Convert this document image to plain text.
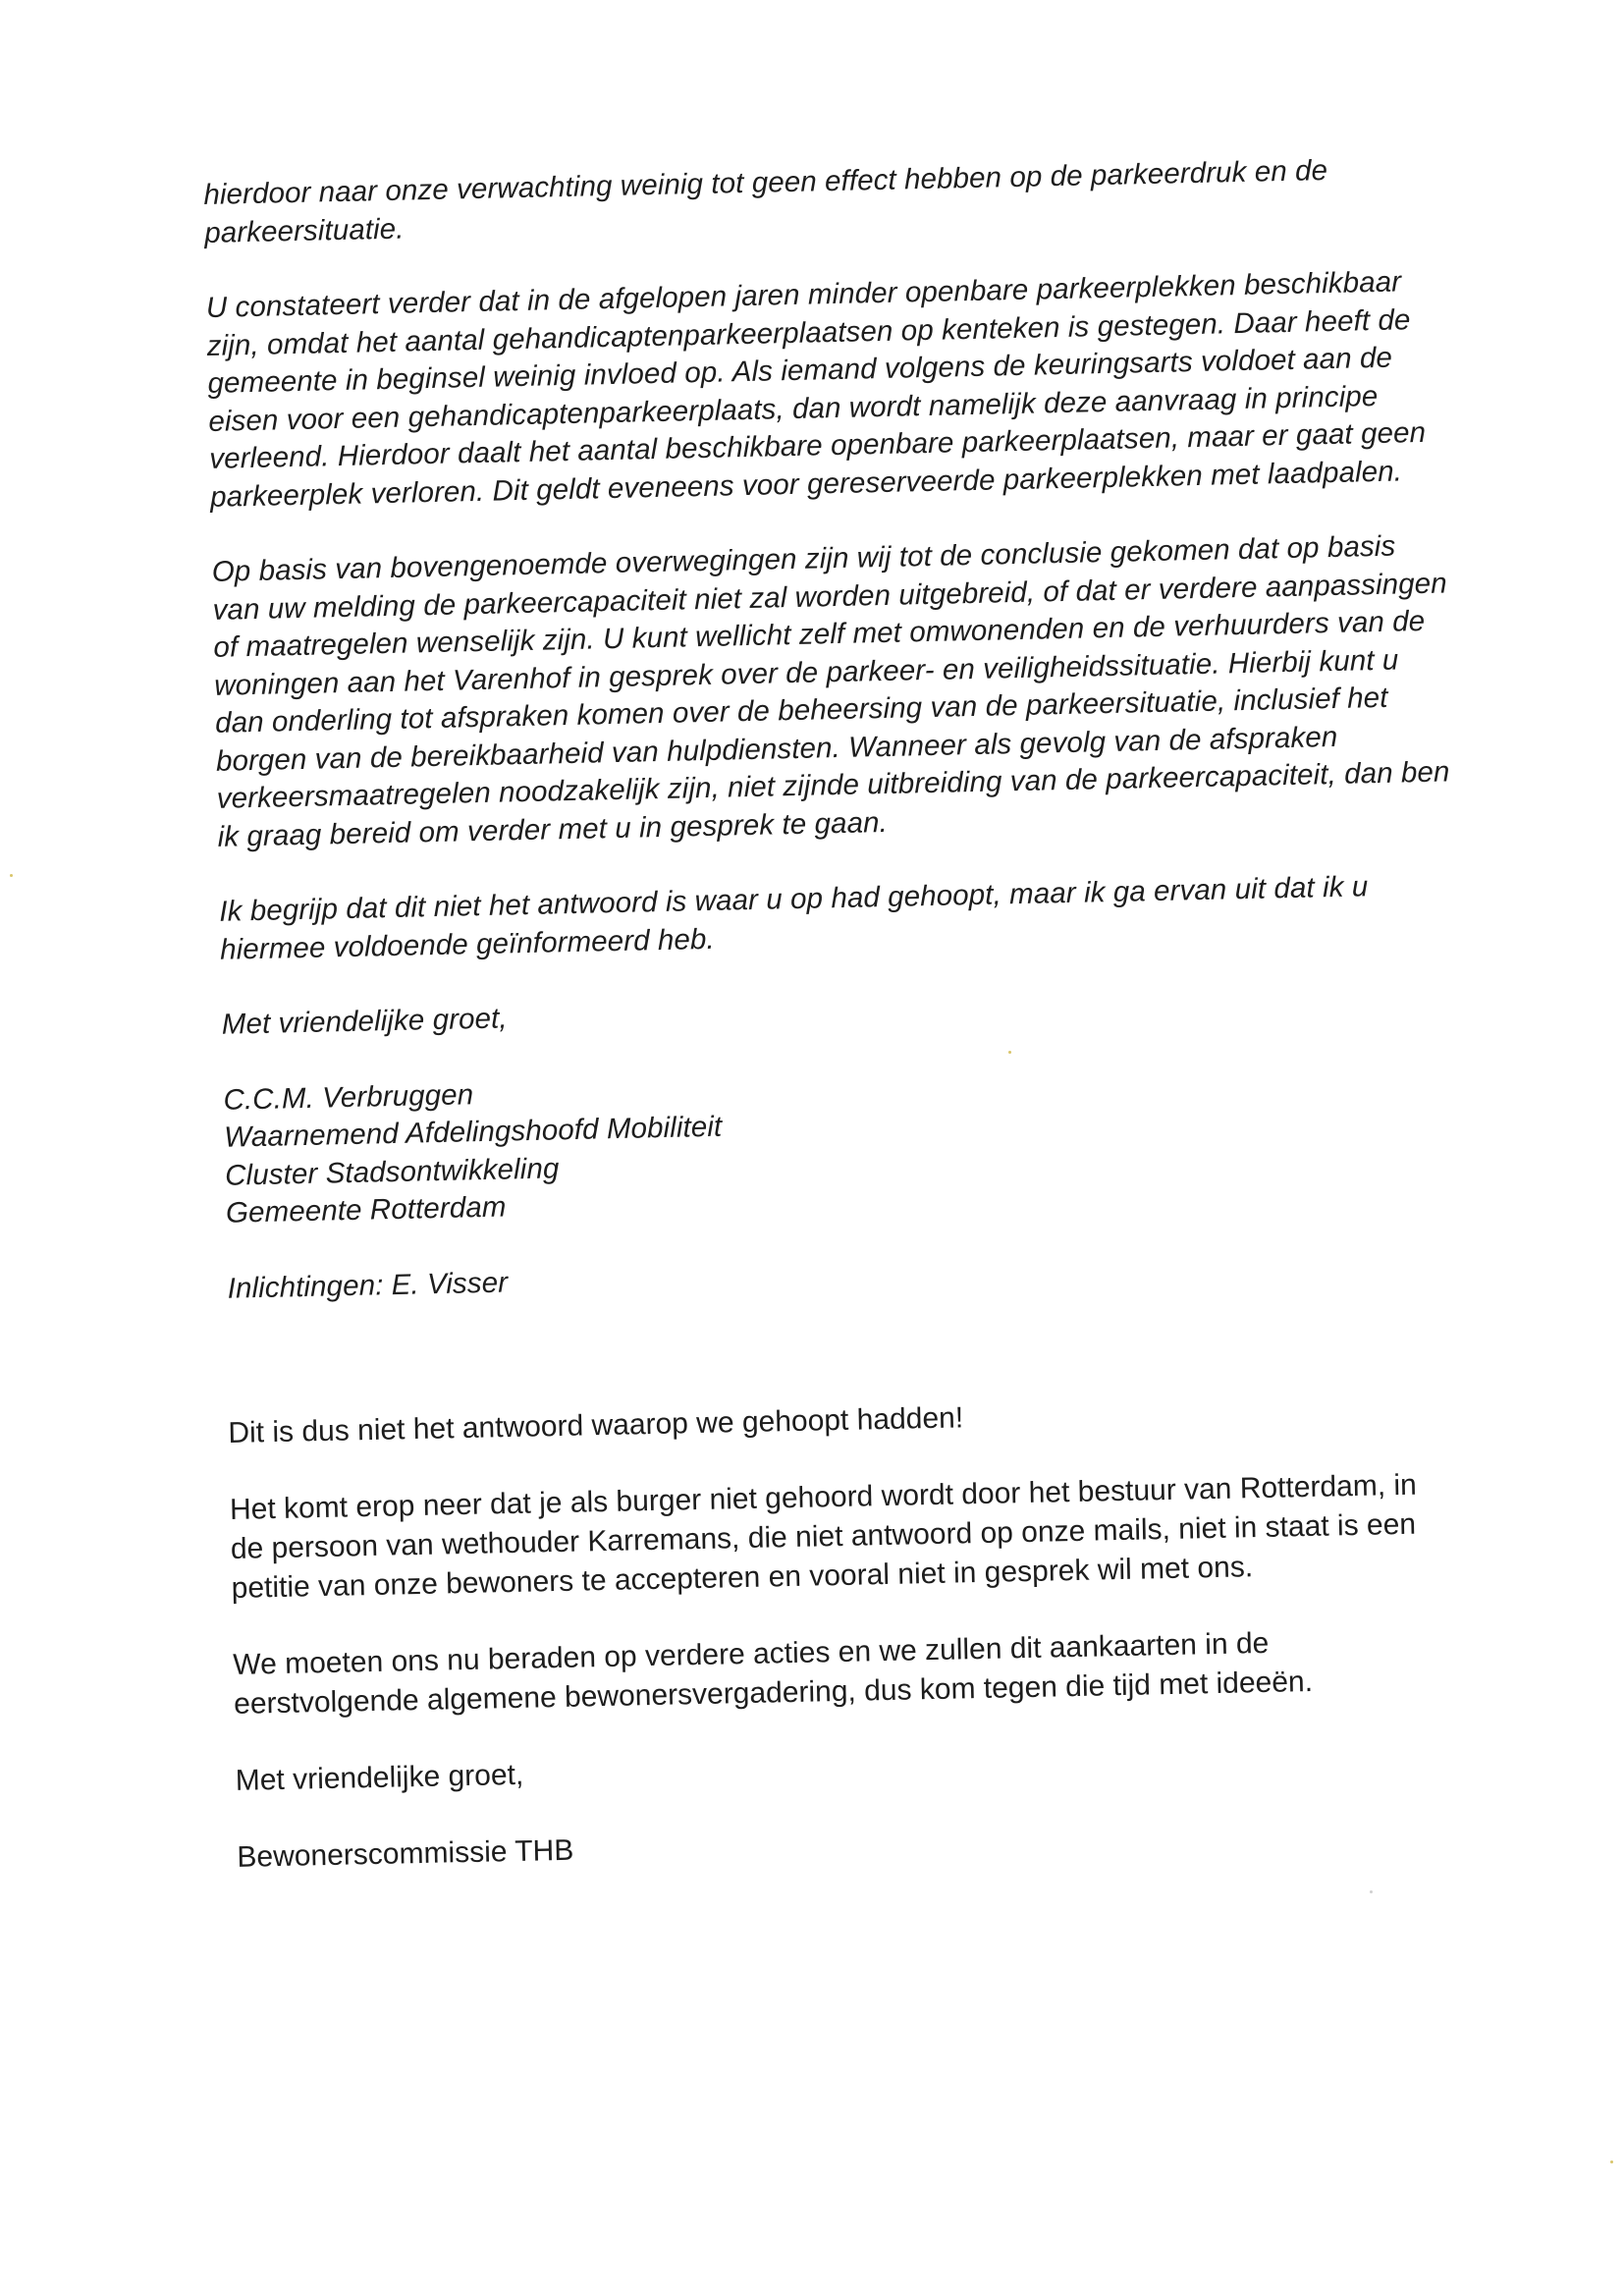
hierdoor naar onze verwachting weinig tot geen effect hebben op de parkeerdruk en de parkeersituatie.

U constateert verder dat in de afgelopen jaren minder openbare parkeerplekken beschikbaar zijn, omdat het aantal gehandicaptenparkeerplaatsen op kenteken is gestegen. Daar heeft de gemeente in beginsel weinig invloed op. Als iemand volgens de keuringsarts voldoet aan de eisen voor een gehandicaptenparkeerplaats, dan wordt namelijk deze aanvraag in principe verleend. Hierdoor daalt het aantal beschikbare openbare parkeerplaatsen, maar er gaat geen parkeerplek verloren. Dit geldt eveneens voor gereserveerde parkeerplekken met laadpalen.

Op basis van bovengenoemde overwegingen zijn wij tot de conclusie gekomen dat op basis van uw melding de parkeercapaciteit niet zal worden uitgebreid, of dat er verdere aanpassingen of maatregelen wenselijk zijn. U kunt wellicht zelf met omwonenden en de verhuurders van de woningen aan het Varenhof in gesprek over de parkeer- en veiligheidssituatie. Hierbij kunt u dan onderling tot afspraken komen over de beheersing van de parkeersituatie, inclusief het borgen van de bereikbaarheid van hulpdiensten. Wanneer als gevolg van de afspraken verkeersmaatregelen noodzakelijk zijn, niet zijnde uitbreiding van de parkeercapaciteit, dan ben ik graag bereid om verder met u in gesprek te gaan.

Ik begrijp dat dit niet het antwoord is waar u op had gehoopt, maar ik ga ervan uit dat ik u hiermee voldoende geïnformeerd heb.

Met vriendelijke groet,

C.C.M. Verbruggen
Waarnemend Afdelingshoofd Mobiliteit
Cluster Stadsontwikkeling
Gemeente Rotterdam

Inlichtingen: E. Visser

Dit is dus niet het antwoord waarop we gehoopt hadden!

Het komt erop neer dat je als burger niet gehoord wordt door het bestuur van Rotterdam, in de persoon van wethouder Karremans, die niet antwoord op onze mails, niet in staat is een petitie van onze bewoners te accepteren en vooral niet in gesprek wil met ons.

We moeten ons nu beraden op verdere acties en we zullen dit aankaarten in de eerstvolgende algemene bewonersvergadering, dus kom tegen die tijd met ideeën.

Met vriendelijke groet,

Bewonerscommissie THB
